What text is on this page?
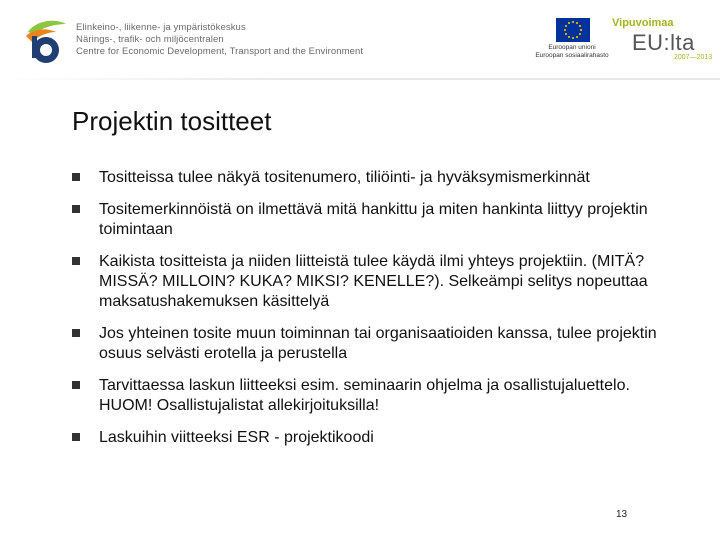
Elinkeino-, liikenne- ja ympäristökeskus
Närings-, trafik- och miljöcentralen
Centre for Economic Development, Transport and the Environment	Euroopan unioni
Euroopan sosiaalirahasto
Vipuvoimaa
EU:lta
2007—2013
Projektin tositteet
Tositteissa tulee näkyä tositenumero, tiliöinti- ja hyväksymismerkinnät
Tositemerkinnöistä on ilmettävä mitä hankittu ja miten hankinta liittyy projektin toimintaan
Kaikista tositteista ja niiden liitteistä tulee käydä ilmi yhteys projektiin. (MITÄ? MISSÄ? MILLOIN? KUKA? MIKSI? KENELLE?). Selkeämpi selitys nopeuttaa maksatushakemuksen käsittelyä
Jos yhteinen tosite muun toiminnan tai organisaatioiden kanssa, tulee projektin osuus selvästi erotella ja perustella
Tarvittaessa laskun liitteeksi esim. seminaarin ohjelma ja osallistujaluettelo. HUOM! Osallistujalistat allekirjoituksilla!
Laskuihin viitteeksi ESR - projektikoodi
13
